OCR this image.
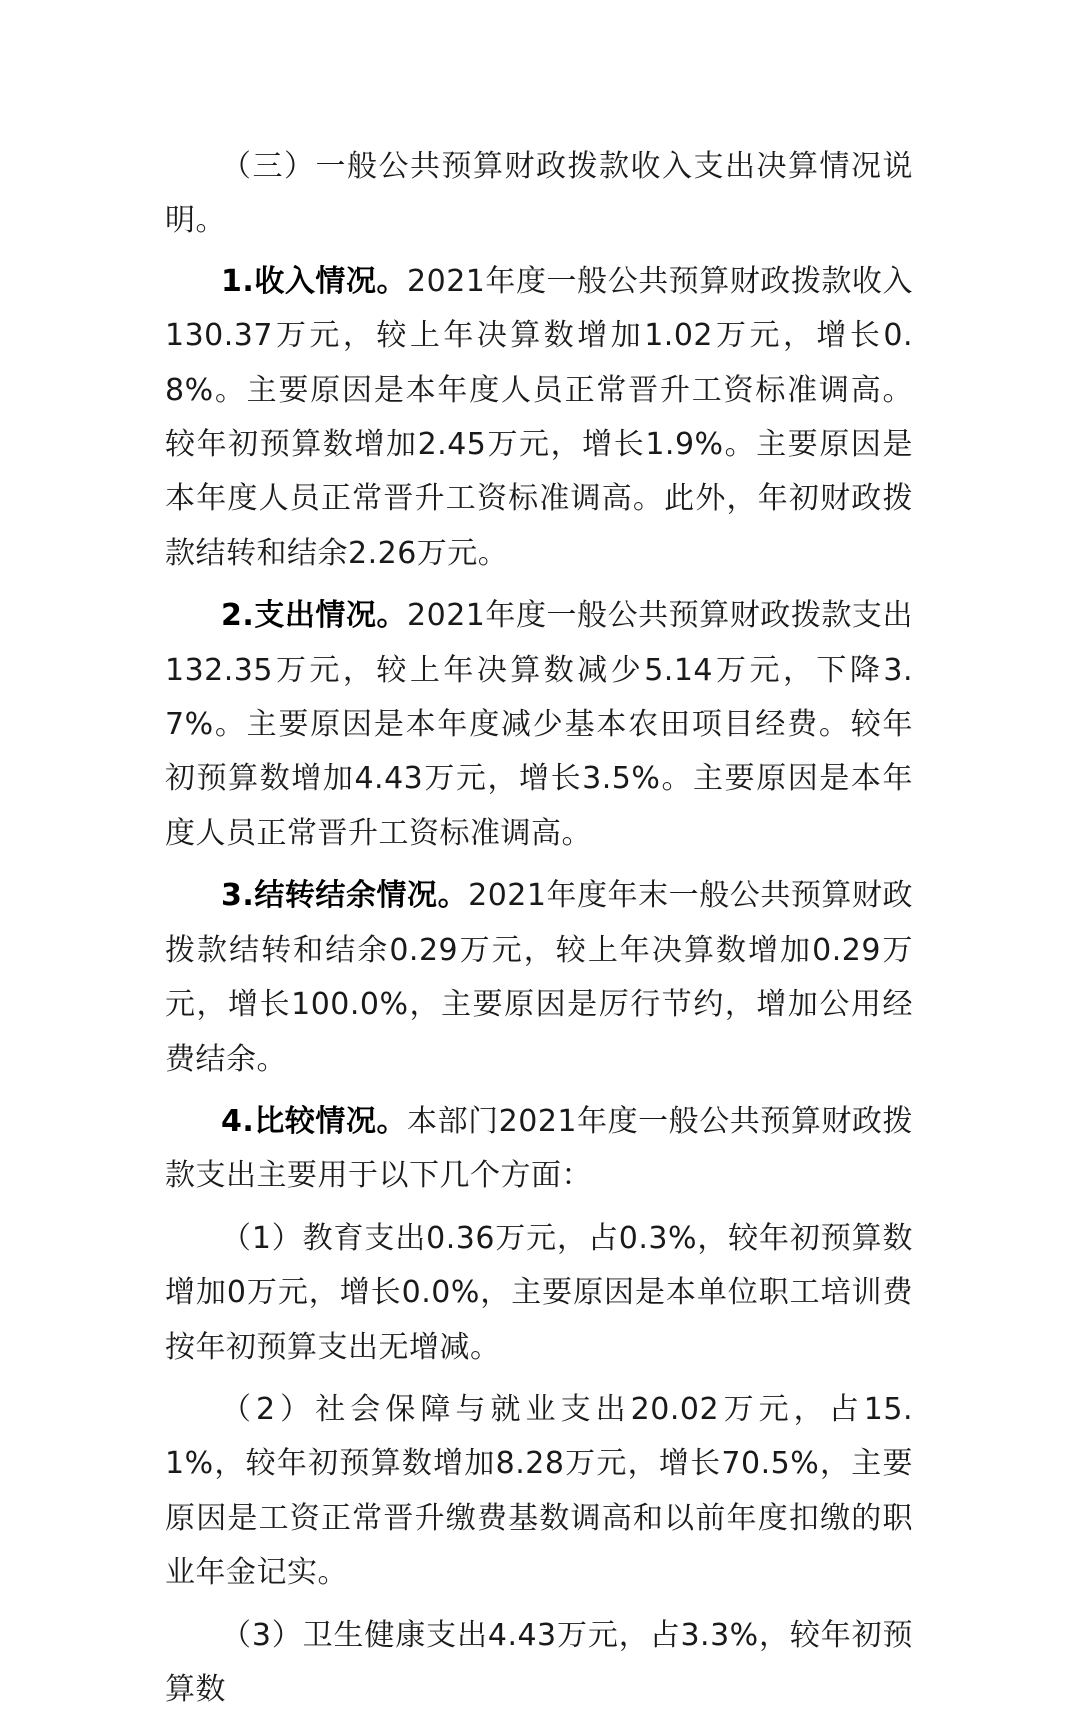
（三）一般公共预算财政拨款收入支出决算情况说明。

1.收入情况。2021年度一般公共预算财政拨款收入130.37万元，较上年决算数增加1.02万元，增长0.8%。主要原因是本年度人员正常晋升工资标准调高。较年初预算数增加2.45万元，增长1.9%。主要原因是本年度人员正常晋升工资标准调高。此外，年初财政拨款结转和结余2.26万元。

2.支出情况。2021年度一般公共预算财政拨款支出132.35万元，较上年决算数减少5.14万元，下降3.7%。主要原因是本年度减少基本农田项目经费。较年初预算数增加4.43万元，增长3.5%。主要原因是本年度人员正常晋升工资标准调高。

3.结转结余情况。2021年度年末一般公共预算财政拨款结转和结余0.29万元，较上年决算数增加0.29万元，增长100.0%，主要原因是厉行节约，增加公用经费结余。

4.比较情况。本部门2021年度一般公共预算财政拨款支出主要用于以下几个方面：

（1）教育支出0.36万元，占0.3%，较年初预算数增加0万元，增长0.0%，主要原因是本单位职工培训费按年初预算支出无增减。

（2）社会保障与就业支出20.02万元，占15.1%，较年初预算数增加8.28万元，增长70.5%，主要原因是工资正常晋升缴费基数调高和以前年度扣缴的职业年金记实。

（3）卫生健康支出4.43万元，占3.3%，较年初预算数
